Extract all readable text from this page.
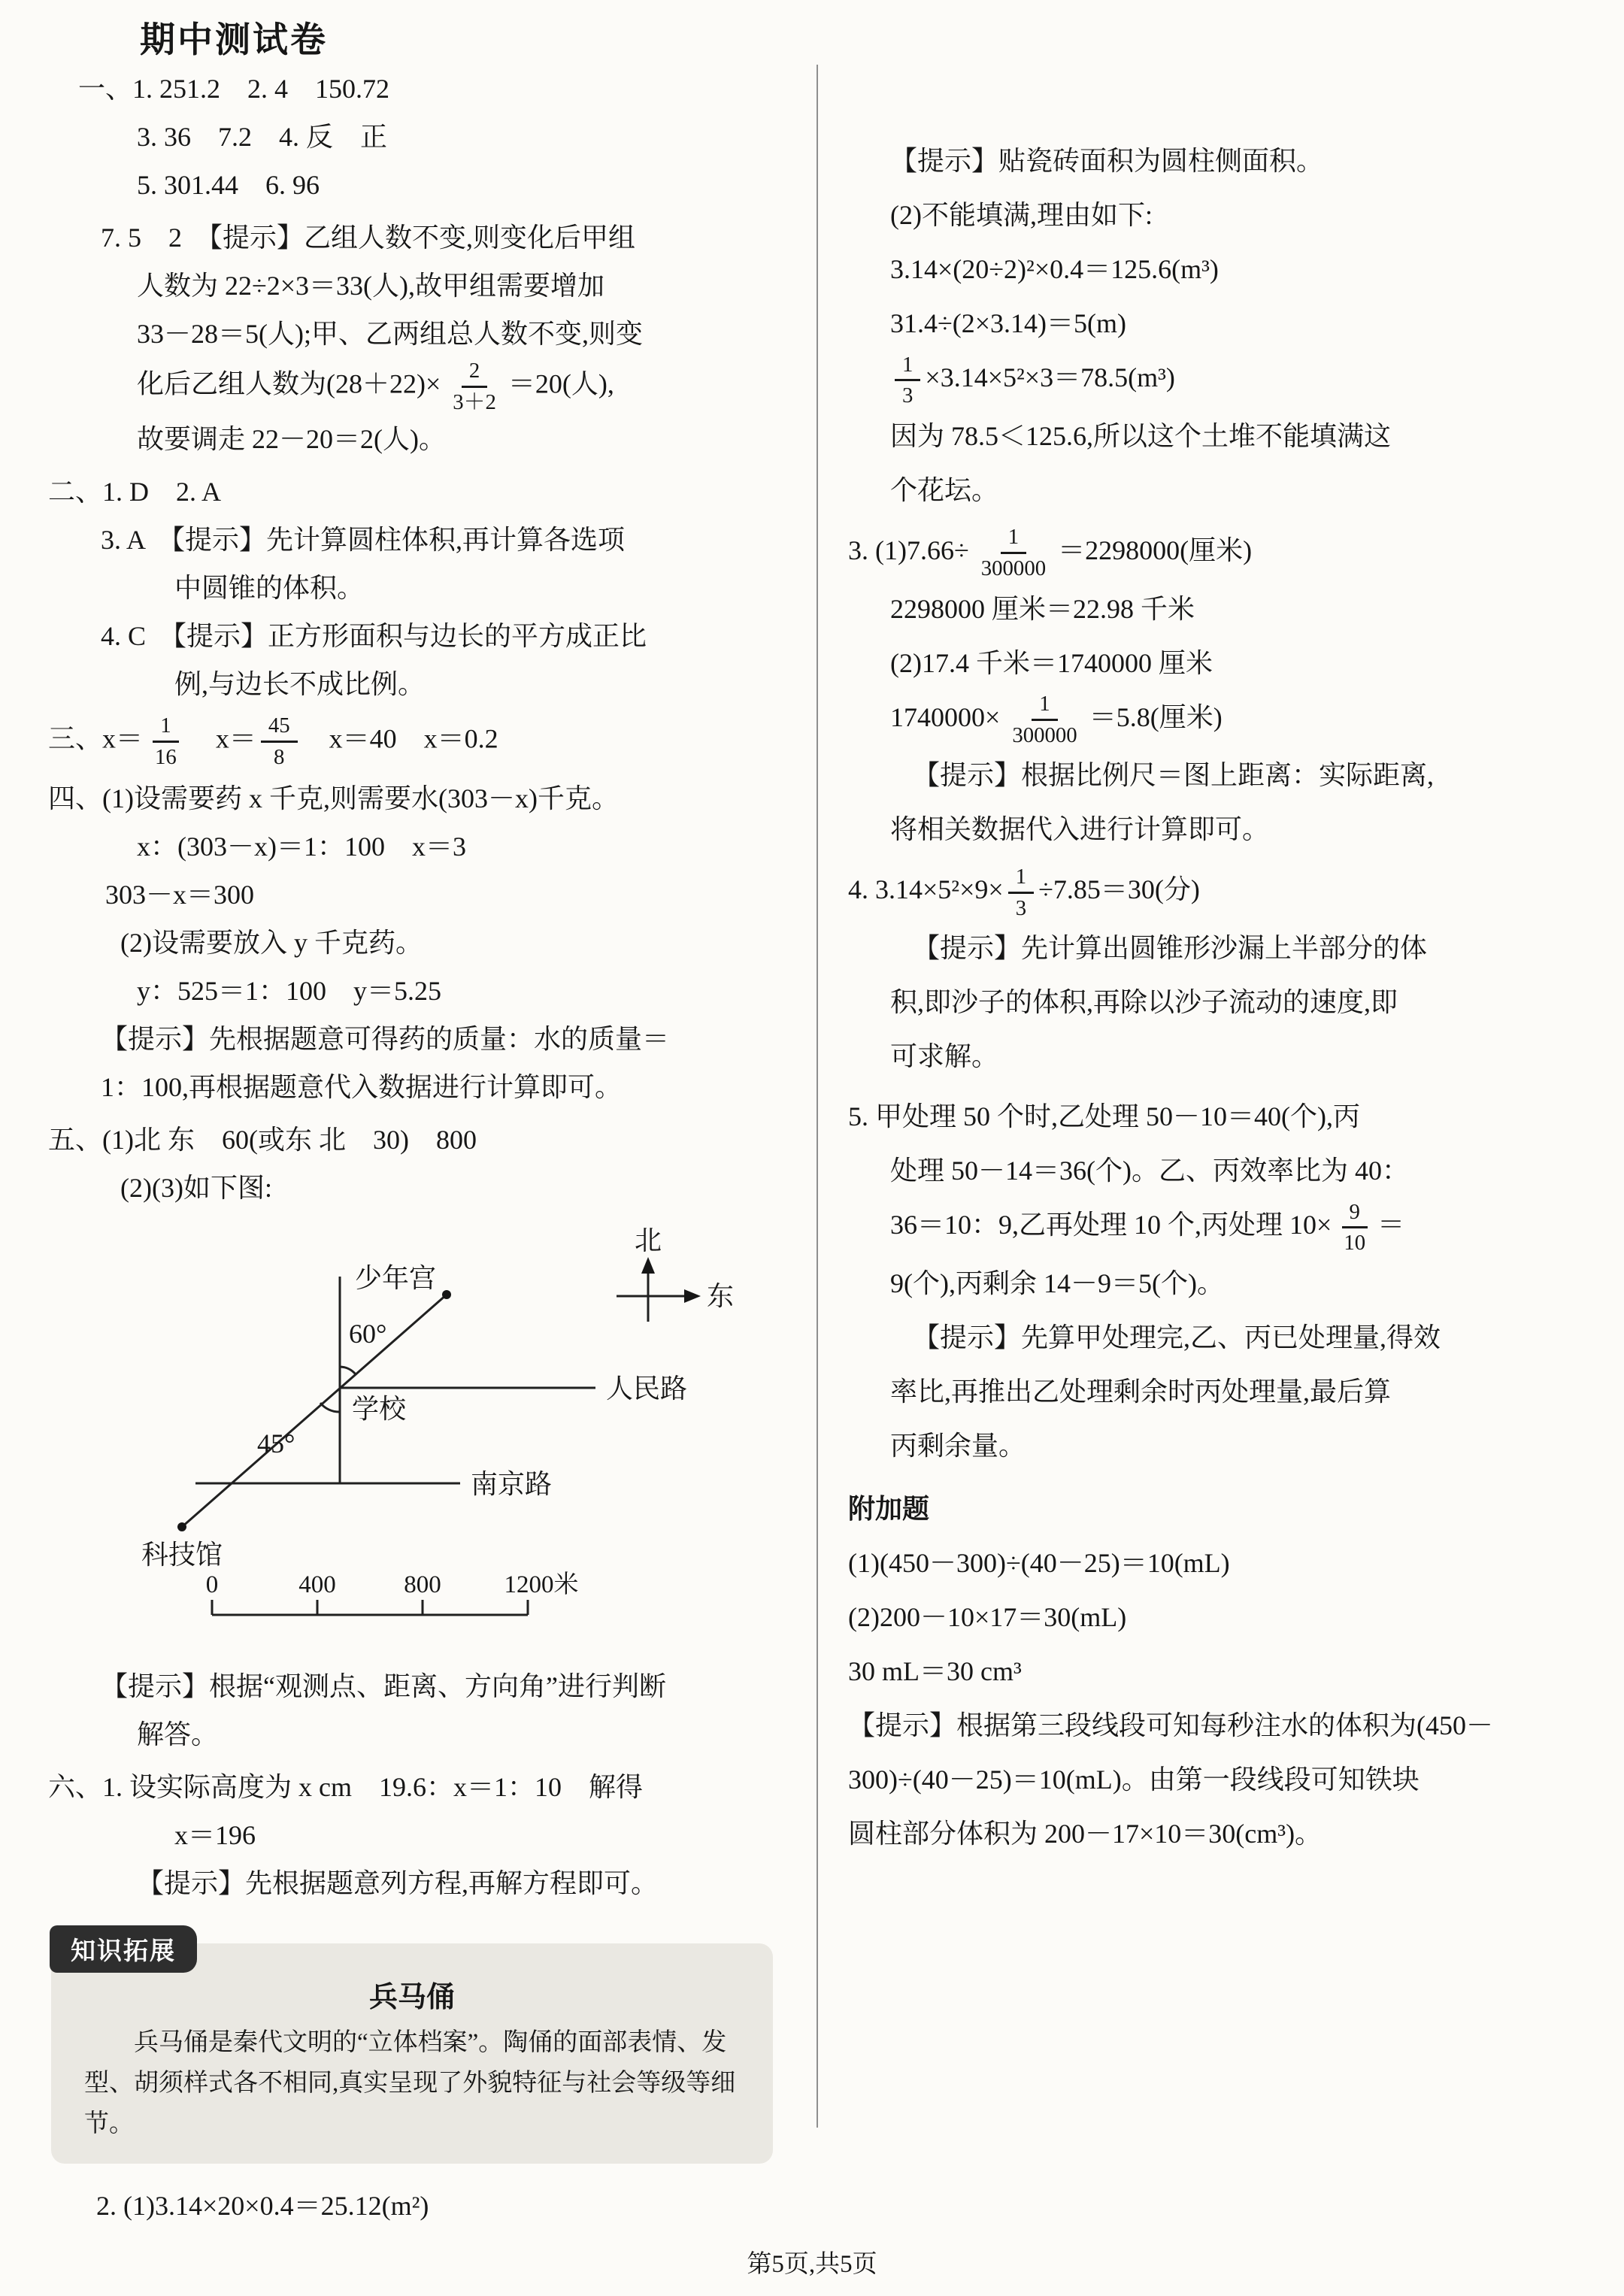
期中测试卷
一、1. 251.2　2. 4　150.72
3. 36　7.2　4. 反　正
5. 301.44　6. 96
7. 5　2　【提示】乙组人数不变,则变化后甲组
人数为 22÷2×3＝33(人),故甲组需要增加
33－28＝5(人);甲、乙两组总人数不变,则变
化后乙组人数为$(28+22)\times \frac{2}{3+2} =20$(人),
故要调走 22－20＝2(人)。
二、1. D　2. A
3. A　【提示】先计算圆柱体积,再计算各选项
中圆锥的体积。
4. C　【提示】正方形面积与边长的平方成正比
例,与边长不成比例。
三、$x= \frac{1}{16}$ 　$x= \frac{45}{8}$ 　x＝40　x＝0.2
四、(1)设需要药 x 千克,则需要水(303－x)千克。
x：(303－x)＝1：100　x＝3
303－x＝300
(2)设需要放入 y 千克药。
y：525＝1：100　y＝5.25
【提示】先根据题意可得药的质量：水的质量＝
1：100,再根据题意代入数据进行计算即可。
五、(1)北 东　60(或东 北　30)　800
(2)(3)如下图:
少年宫
60°
学校
人民路
45°
南京路
科技馆
北
东
0	400	800	1200米
【提示】根据“观测点、距离、方向角”进行判断
解答。
六、1. 设实际高度为 x cm　19.6：x＝1：10　解得
x＝196
【提示】先根据题意列方程,再解方程即可。
知识拓展
兵马俑

兵马俑是秦代文明的“立体档案”。陶俑的面部表情、发型、胡须样式各不相同,真实呈现了外貌特征与社会等级等细节。

2. (1)3.14×20×0.4＝25.12(m²)
【提示】贴瓷砖面积为圆柱侧面积。
(2)不能填满,理由如下:
3.14×(20÷2)²×0.4＝125.6(m³)
31.4÷(2×3.14)＝5(m)
$\frac{1}{3} \times 3.14\times 5^2\times 3=78.5(m^3)$
因为 78.5＜125.6,所以这个土堆不能填满这
个花坛。
3. $(1)7.66\div \frac{1}{300000} =2298000$(厘米)
2298000 厘米＝22.98 千米
(2)17.4 千米＝1740000 厘米
$1740000\times \frac{1}{300000} =5.8$(厘米)
【提示】根据比例尺＝图上距离：实际距离,
将相关数据代入进行计算即可。
4. $3.14\times 5^2\times 9\times \frac{1}{3} \div 7.85=30$(分)
【提示】先计算出圆锥形沙漏上半部分的体
积,即沙子的体积,再除以沙子流动的速度,即
可求解。
5. 甲处理 50 个时,乙处理 50－10＝40(个),丙
处理 50－14＝36(个)。乙、丙效率比为 40：
36＝10：9,乙再处理 10 个,丙处理 $10\times \frac{9}{10}$ ＝
9(个),丙剩余 14－9＝5(个)。
【提示】先算甲处理完,乙、丙已处理量,得效
率比,再推出乙处理剩余时丙处理量,最后算
丙剩余量。
附加题
(1)(450－300)÷(40－25)＝10(mL)
(2)200－10×17＝30(mL)
30 mL＝30 cm³
【提示】根据第三段线段可知每秒注水的体积为(450－
300)÷(40－25)＝10(mL)。由第一段线段可知铁块
圆柱部分体积为 200－17×10＝30(cm³)。
第5页,共5页
